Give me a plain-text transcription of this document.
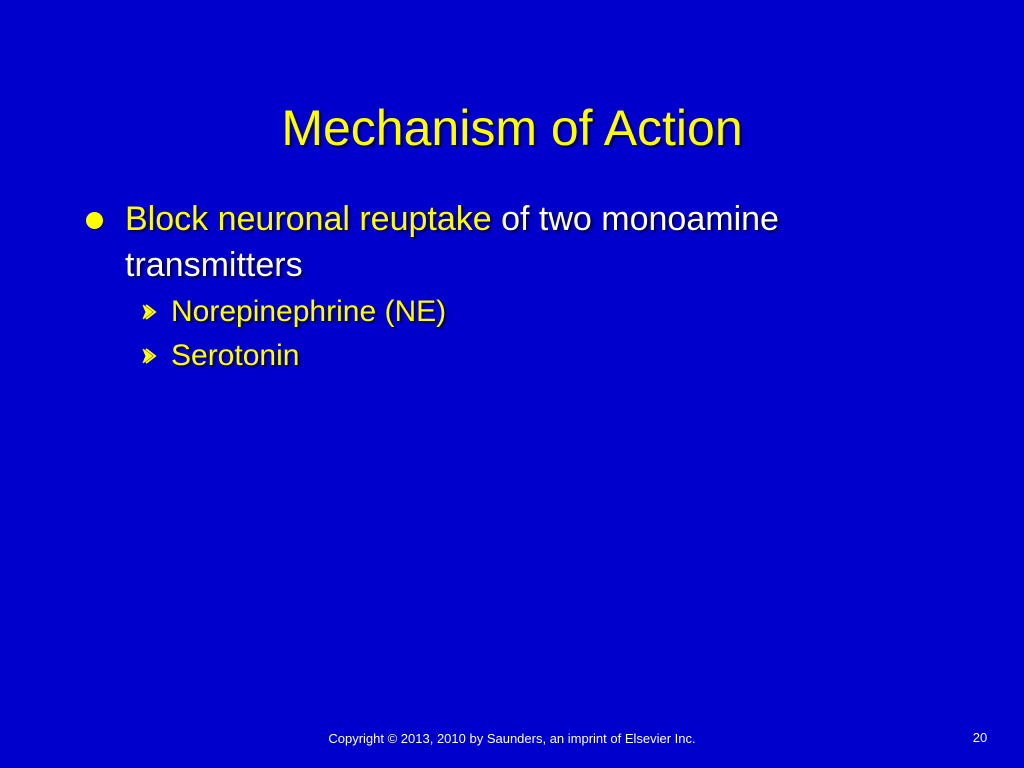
Mechanism of Action
Block neuronal reuptake of two monoamine transmitters
Norepinephrine (NE)
Serotonin
Copyright © 2013, 2010 by Saunders, an imprint of Elsevier Inc.	20
